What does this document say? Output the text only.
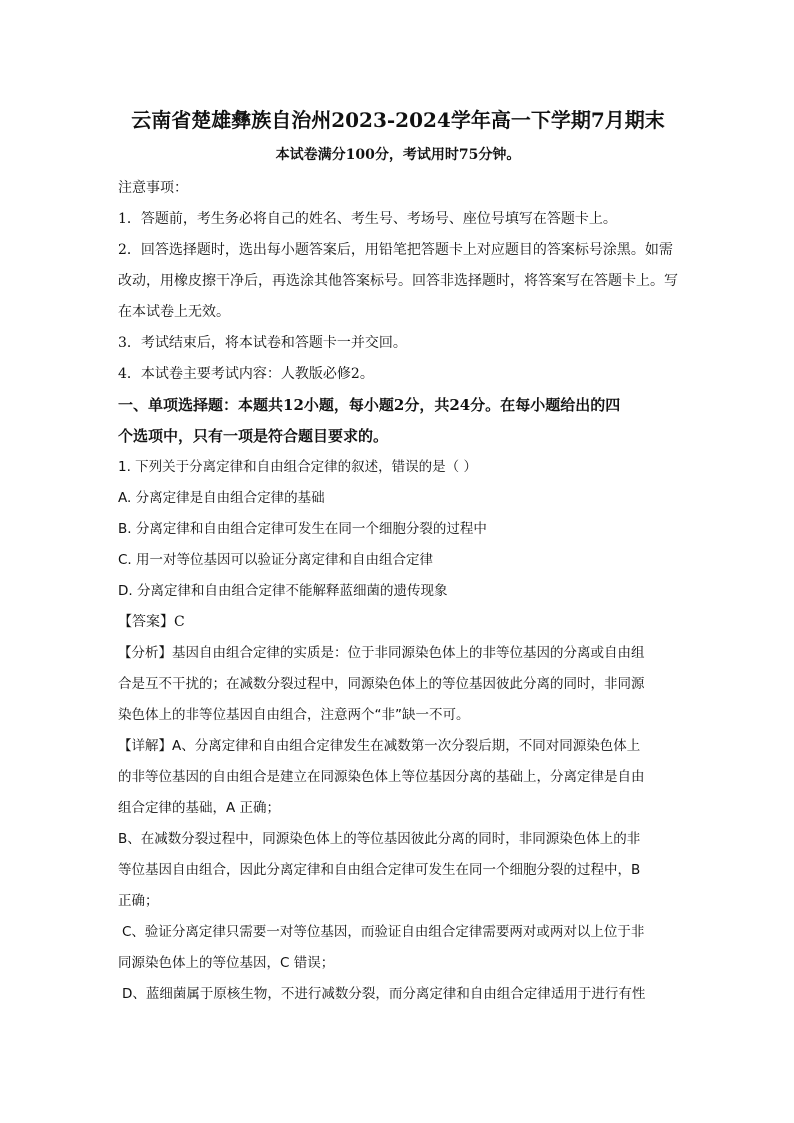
云南省楚雄彝族自治州2023-2024学年高一下学期7月期末
本试卷满分100分，考试用时75分钟。
注意事项：
1．答题前，考生务必将自己的姓名、考生号、考场号、座位号填写在答题卡上。
2．回答选择题时，选出每小题答案后，用铅笔把答题卡上对应题目的答案标号涂黑。如需
改动，用橡皮擦干净后，再选涂其他答案标号。回答非选择题时，将答案写在答题卡上。写
在本试卷上无效。
3．考试结束后，将本试卷和答题卡一并交回。
4．本试卷主要考试内容：人教版必修2。
一、单项选择题：本题共12小题，每小题2分，共24分。在每小题给出的四
个选项中，只有一项是符合题目要求的。
1. 下列关于分离定律和自由组合定律的叙述，错误的是（ ）
A. 分离定律是自由组合定律的基础
B. 分离定律和自由组合定律可发生在同一个细胞分裂的过程中
C. 用一对等位基因可以验证分离定律和自由组合定律
D. 分离定律和自由组合定律不能解释蓝细菌的遗传现象
【答案】C
【分析】基因自由组合定律的实质是：位于非同源染色体上的非等位基因的分离或自由组
合是互不干扰的；在减数分裂过程中，同源染色体上的等位基因彼此分离的同时，非同源
染色体上的非等位基因自由组合，注意两个“非”缺一不可。
【详解】A、分离定律和自由组合定律发生在减数第一次分裂后期，不同对同源染色体上
的非等位基因的自由组合是建立在同源染色体上等位基因分离的基础上，分离定律是自由
组合定律的基础，A 正确；
B、在减数分裂过程中，同源染色体上的等位基因彼此分离的同时，非同源染色体上的非
等位基因自由组合，因此分离定律和自由组合定律可发生在同一个细胞分裂的过程中，B
正确；
C、验证分离定律只需要一对等位基因，而验证自由组合定律需要两对或两对以上位于非
同源染色体上的等位基因，C 错误；
D、蓝细菌属于原核生物，不进行减数分裂，而分离定律和自由组合定律适用于进行有性
